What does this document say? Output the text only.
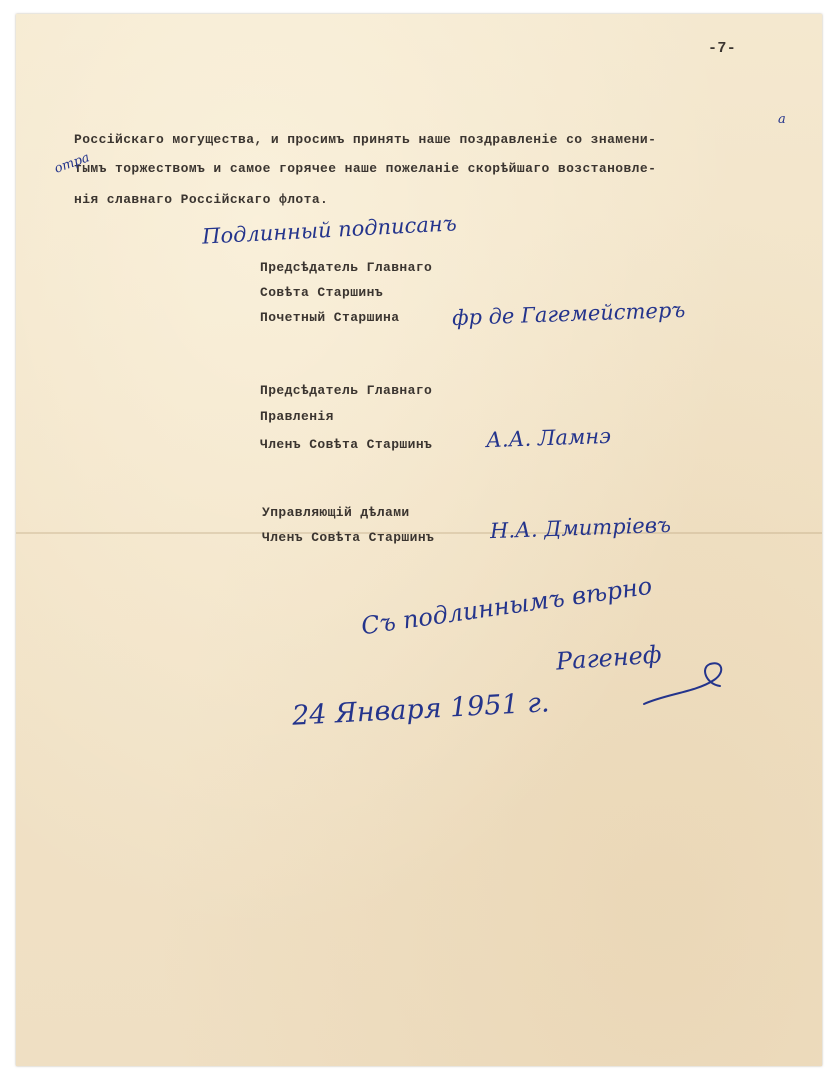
-7-
Россійскаго могущества, и просимъ принять наше поздравленіе со знамени-
тымъ торжествомъ и самое горячее наше пожеланіе скорѣйшаго возстановле-
нія славнаго Россійскаго флота.
отра
а
Подлинный подписанъ
Предсѣдатель Главнаго
Совѣта Старшинъ
Почетный Старшина фр де Гагемейстеръ
Предсѣдатель Главнаго
Правленія
Членъ Совѣта Старшинъ	А.А. Ламнэ
Управляющій дѣлами
Членъ Совѣта Старшинъ	Н.А. Дмитріевъ
Съ подлиннымъ вѣрно
Рагенеф
24 Января 1951 г.
